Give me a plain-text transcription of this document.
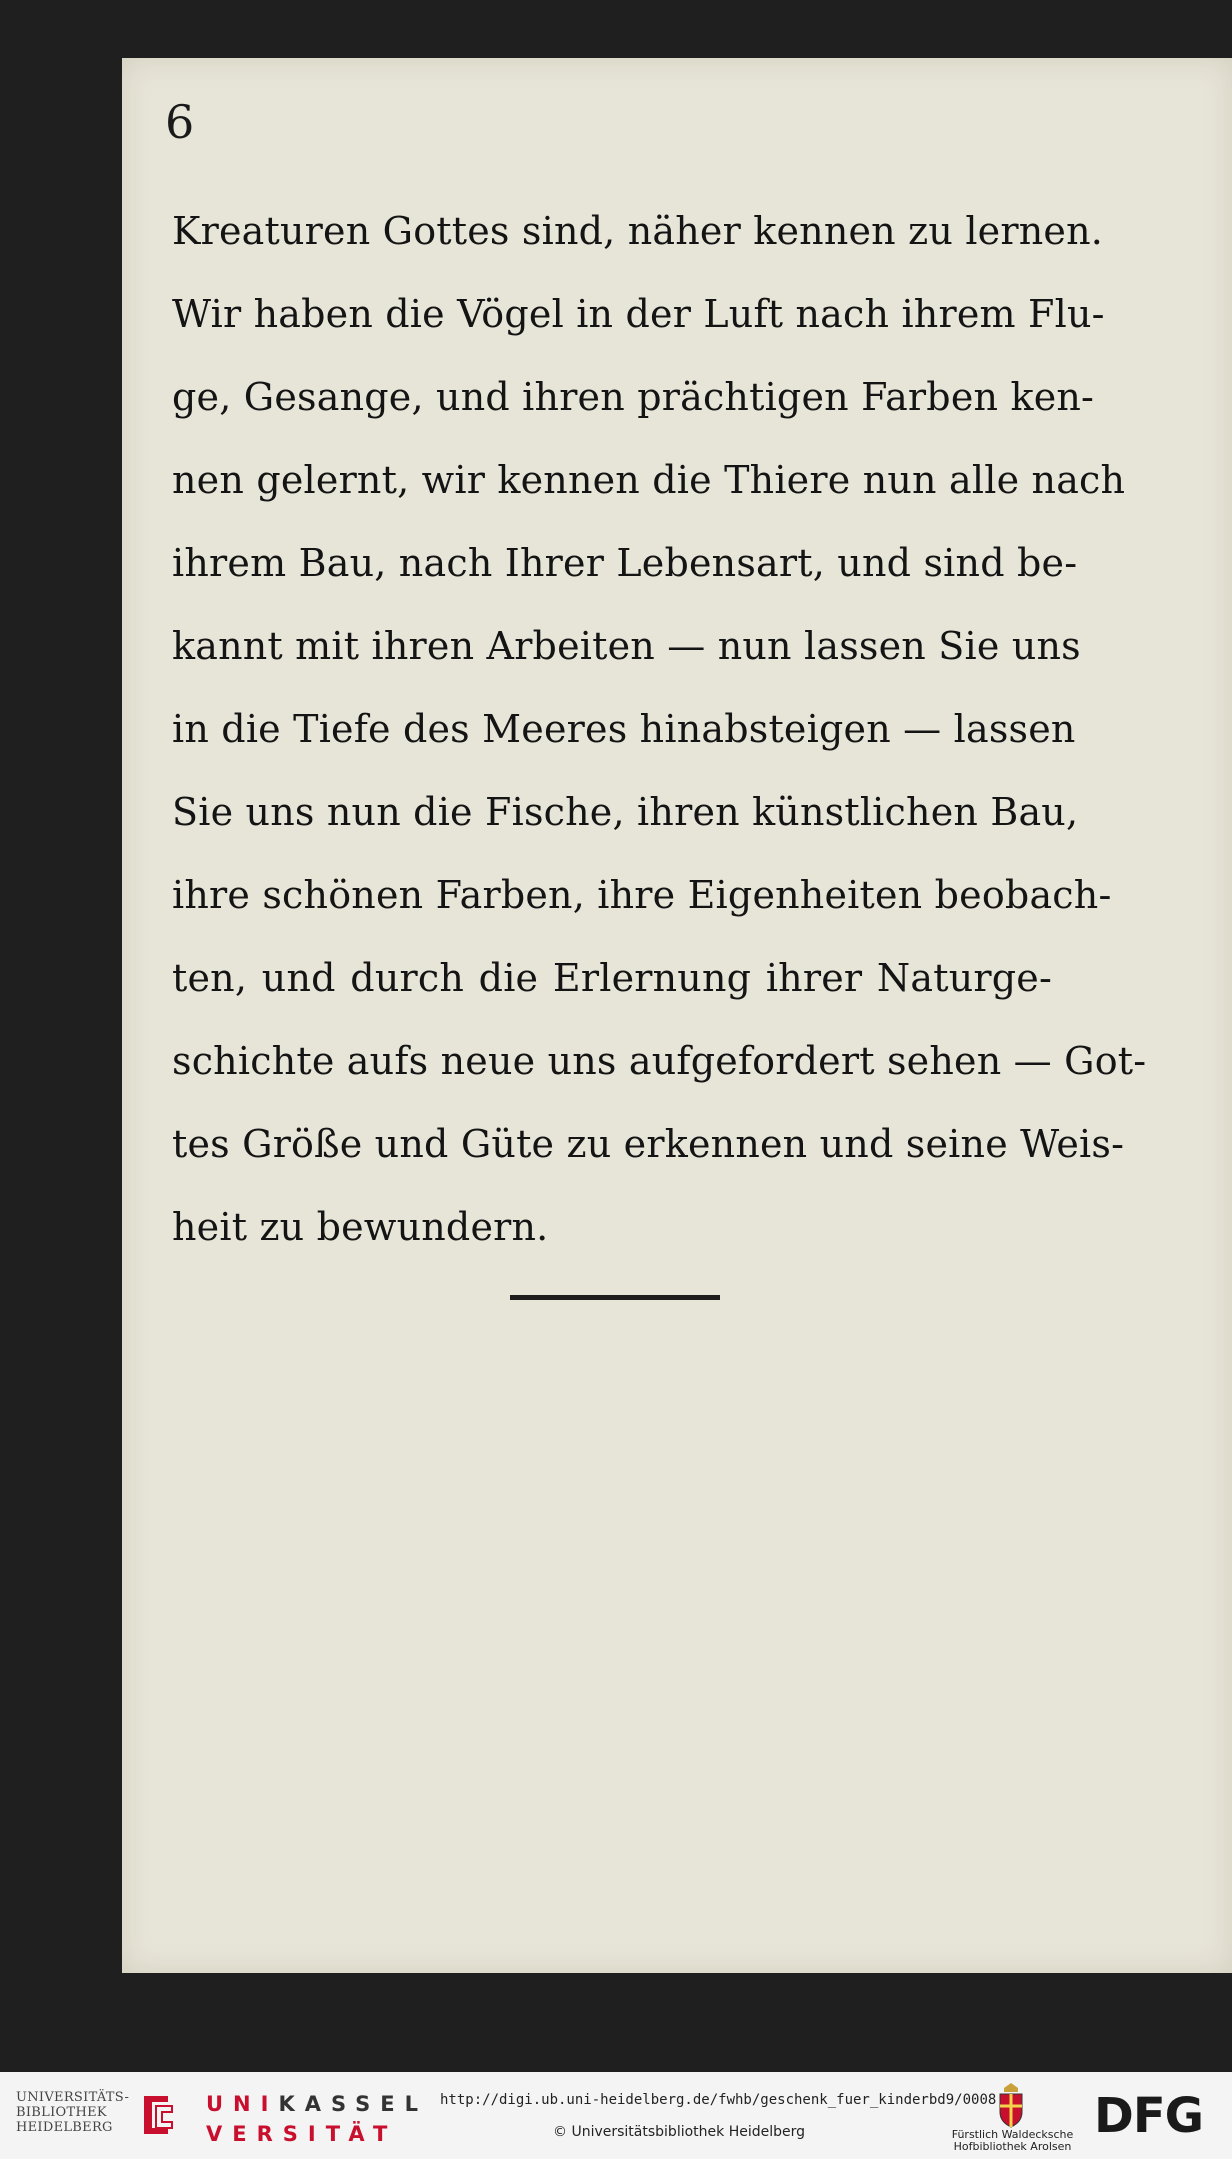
6
Kreaturen Gottes sind, näher kennen zu lernen.
Wir haben die Vögel in der Luft nach ihrem Flu-
ge, Gesange, und ihren prächtigen Farben ken-
nen gelernt, wir kennen die Thiere nun alle nach
ihrem Bau, nach Ihrer Lebensart, und sind be-
kannt mit ihren Arbeiten — nun lassen Sie uns
in die Tiefe des Meeres hinabsteigen — lassen
Sie uns nun die Fische, ihren künstlichen Bau,
ihre schönen Farben, ihre Eigenheiten beobach-
ten, und durch die Erlernung ihrer Naturge-
schichte aufs neue uns aufgefordert sehen — Got-
tes Größe und Güte zu erkennen und seine Weis-
heit zu bewundern.
UNIVERSITÄTS-
BIBLIOTHEK
HEIDELBERG
UNIKASSEL
VERSITÄT
http://digi.ub.uni-heidelberg.de/fwhb/geschenk_fuer_kinderbd9/0008
© Universitätsbibliothek Heidelberg	Fürstlich Waldecksche
Hofbibliothek Arolsen
DFG
